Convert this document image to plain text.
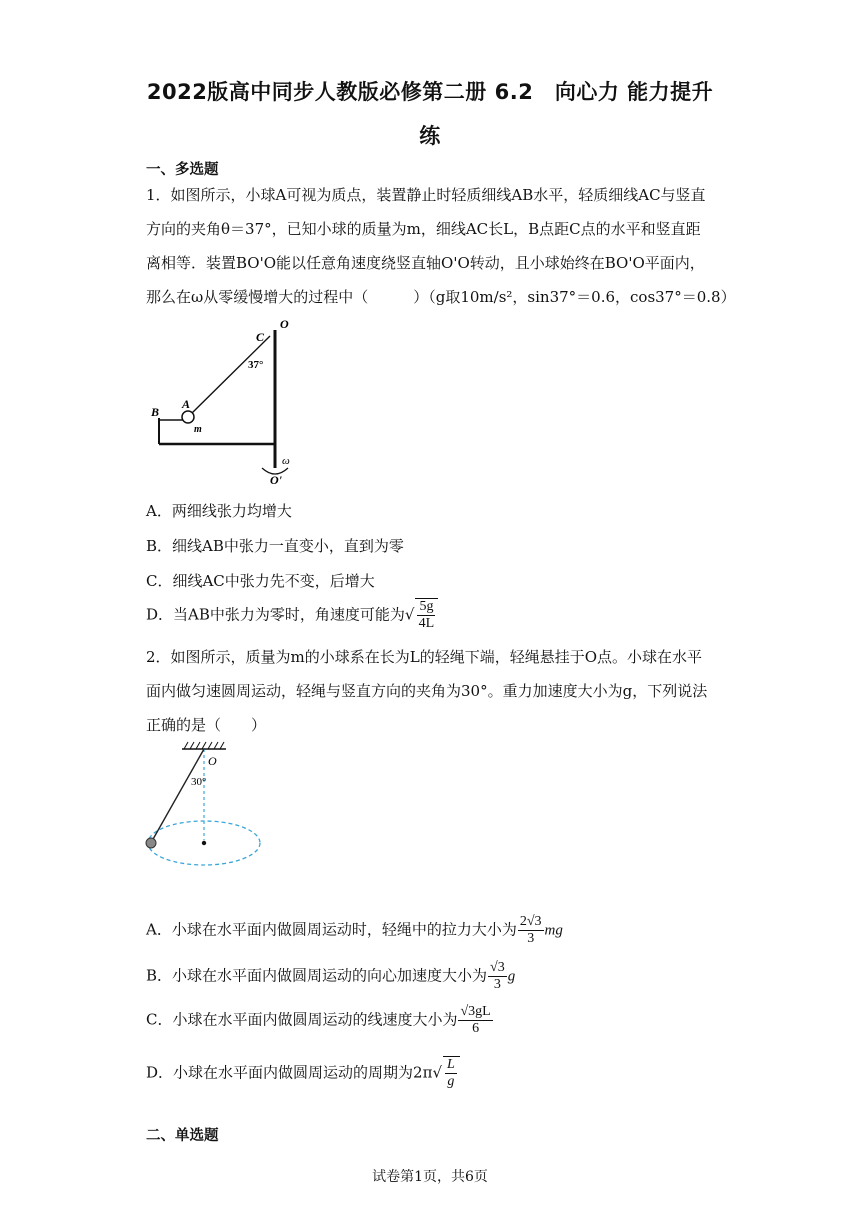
2022版高中同步人教版必修第二册 6.2　向心力 能力提升
练
一、多选题
1．如图所示，小球A可视为质点，装置静止时轻质细线AB水平，轻质细线AC与竖直
方向的夹角θ＝37°，已知小球的质量为m，细线AC长L，B点距C点的水平和竖直距
离相等．装置BO'O能以任意角速度绕竖直轴O'O转动，且小球始终在BO'O平面内，
那么在ω从零缓慢增大的过程中（　　　）（g取10m/s²，sin37°＝0.6，cos37°＝0.8）
O
C
37°
A
B
m
ω
O'
A．两细线张力均增大
B．细线AB中张力一直变小，直到为零
C．细线AC中张力先不变，后增大
D．当AB中张力为零时，角速度可能为√ $\frac{5g}{4L}$
2．如图所示，质量为m的小球系在长为L的轻绳下端，轻绳悬挂于O点。小球在水平
面内做匀速圆周运动，轻绳与竖直方向的夹角为30°。重力加速度大小为g，下列说法
正确的是（　　）
O
30°
A．小球在水平面内做圆周运动时，轻绳中的拉力大小为 $\frac{2√3}{3}$ mg
B．小球在水平面内做圆周运动的向心加速度大小为 $\frac{√3}{3}$ g
C．小球在水平面内做圆周运动的线速度大小为 $\frac{√3gL}{6}$
D．小球在水平面内做圆周运动的周期为$2\pi√ \frac{L}{g}$
二、单选题
试卷第1页，共6页
